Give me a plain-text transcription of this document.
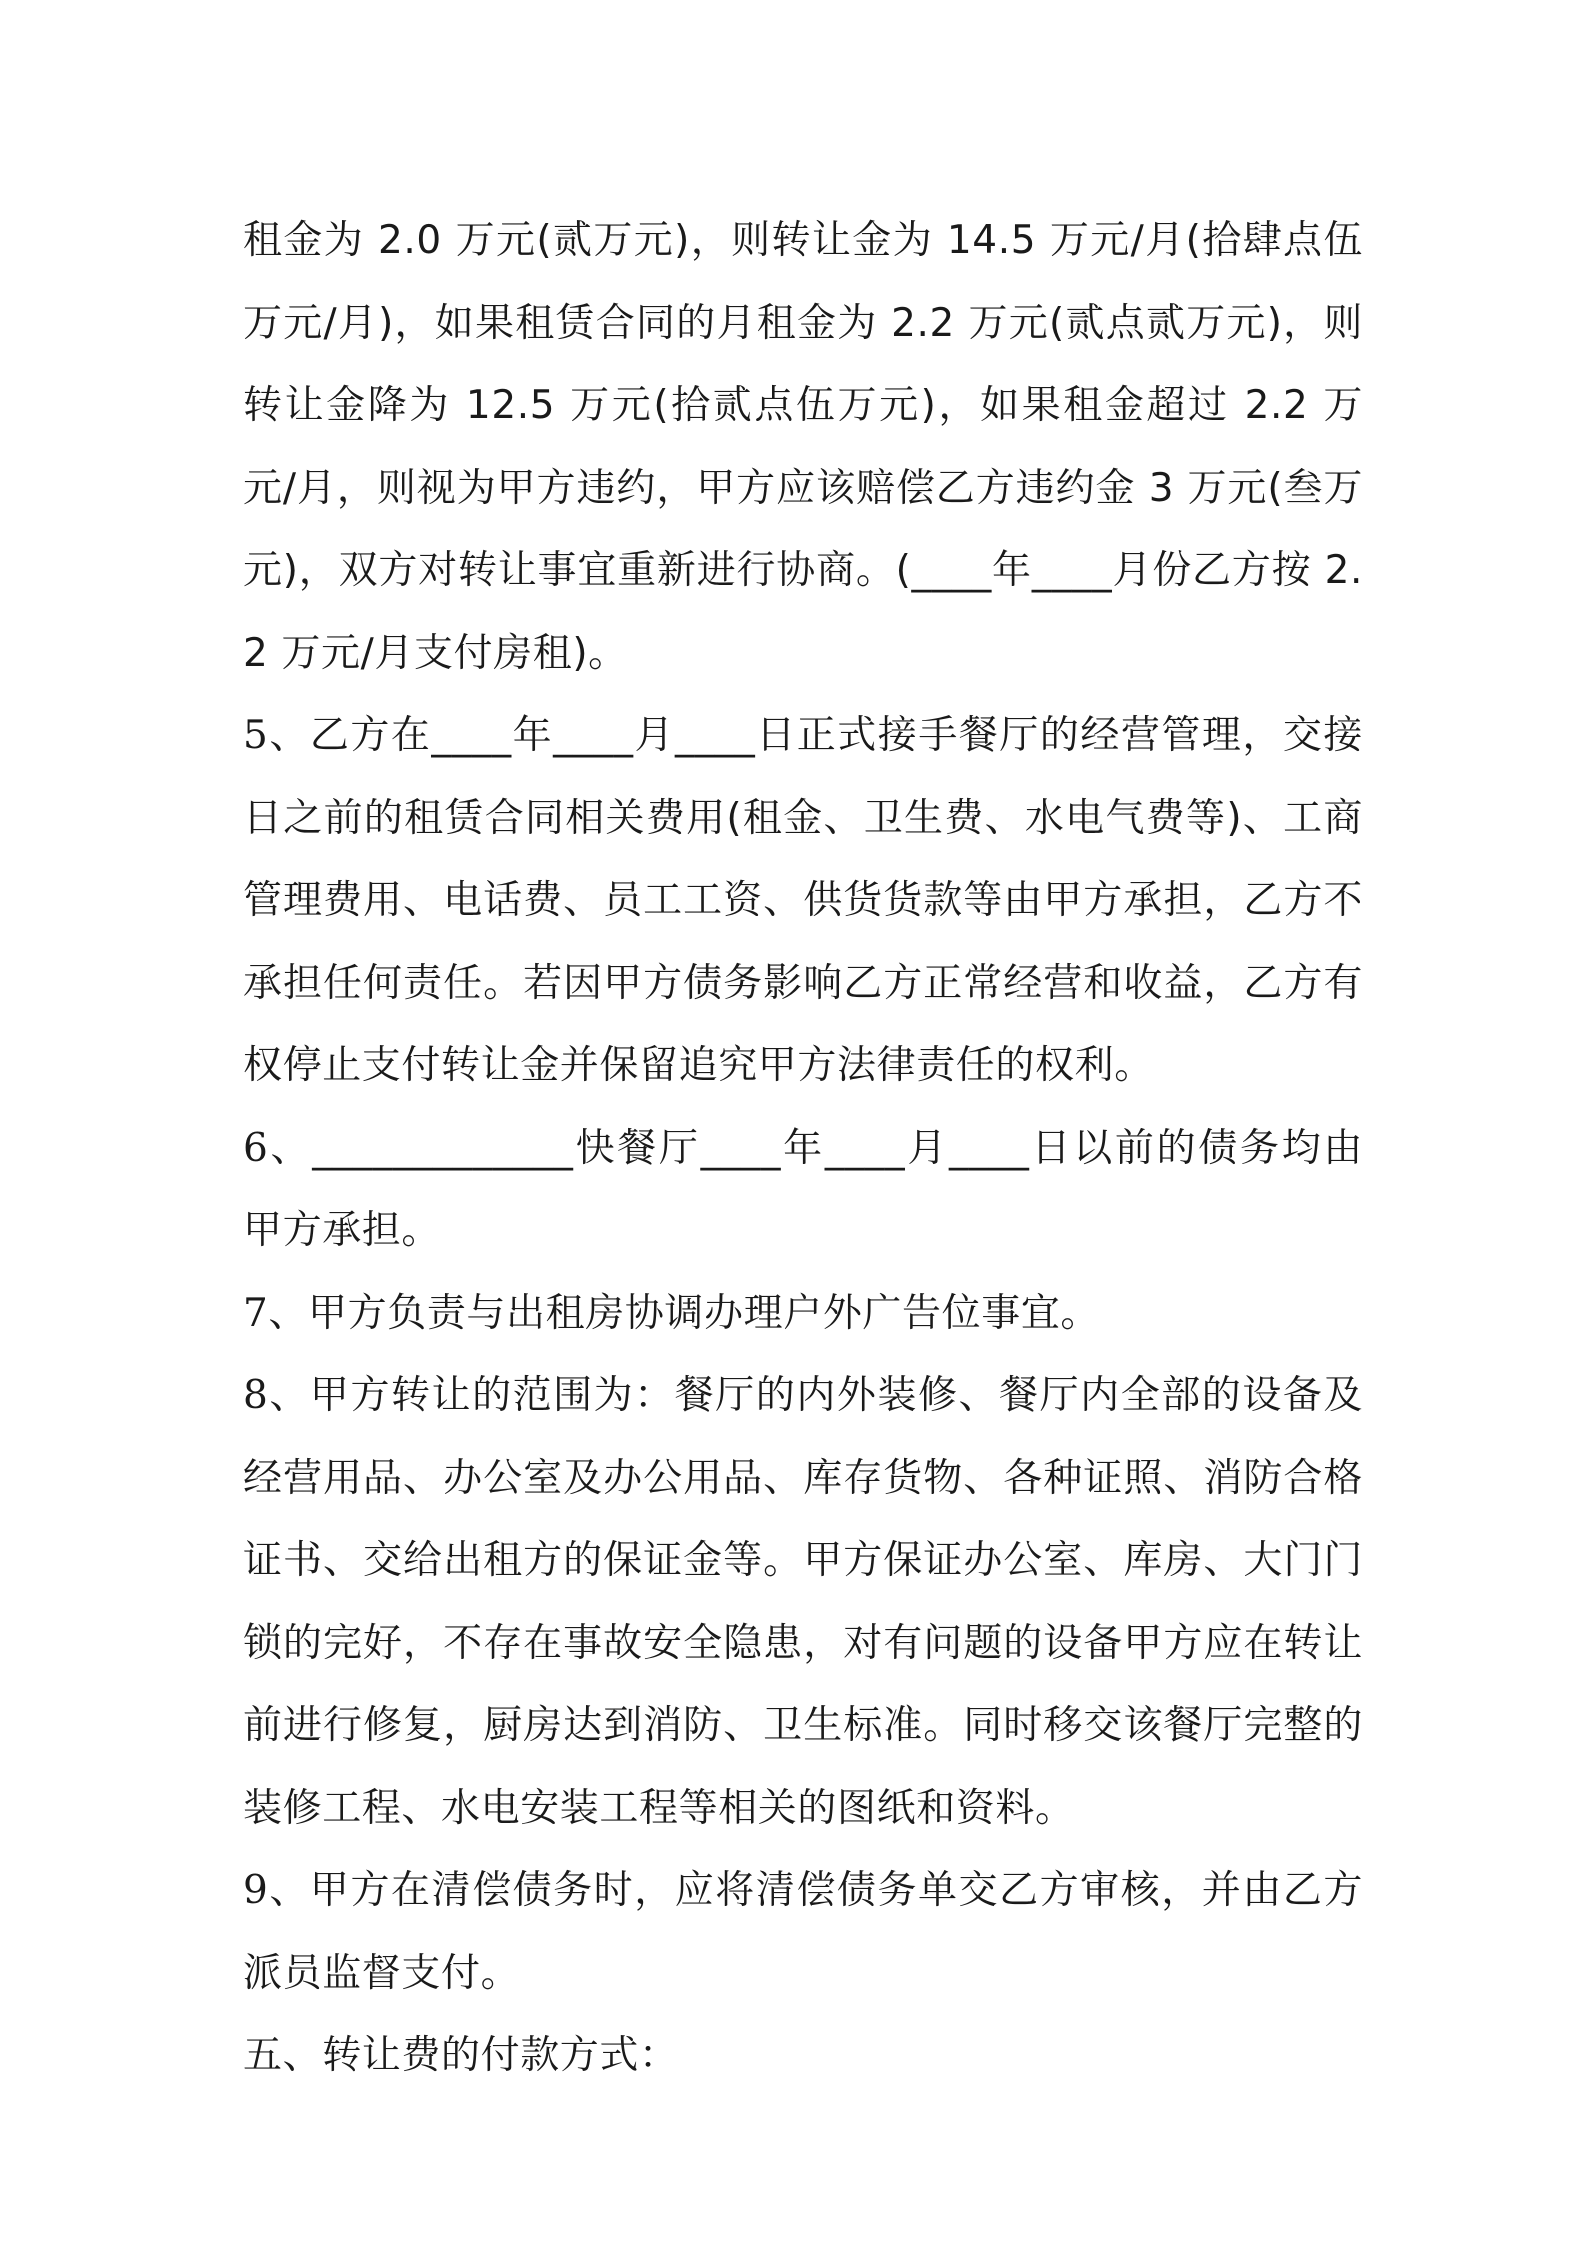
租金为 2.0 万元(贰万元)，则转让金为 14.5 万元/月(拾肆点伍万元/月)，如果租赁合同的月租金为 2.2 万元(贰点贰万元)，则转让金降为 12.5 万元(拾贰点伍万元)，如果租金超过 2.2 万元/月，则视为甲方违约，甲方应该赔偿乙方违约金 3 万元(叁万元)，双方对转让事宜重新进行协商。(____年____月份乙方按 2.2 万元/月支付房租)。

5、乙方在____年____月____日正式接手餐厅的经营管理，交接日之前的租赁合同相关费用(租金、卫生费、水电气费等)、工商管理费用、电话费、员工工资、供货货款等由甲方承担，乙方不承担任何责任。若因甲方债务影响乙方正常经营和收益，乙方有权停止支付转让金并保留追究甲方法律责任的权利。

6、_____________快餐厅____年____月____日以前的债务均由甲方承担。

7、甲方负责与出租房协调办理户外广告位事宜。

8、甲方转让的范围为：餐厅的内外装修、餐厅内全部的设备及经营用品、办公室及办公用品、库存货物、各种证照、消防合格证书、交给出租方的保证金等。甲方保证办公室、库房、大门门锁的完好，不存在事故安全隐患，对有问题的设备甲方应在转让前进行修复，厨房达到消防、卫生标准。同时移交该餐厅完整的装修工程、水电安装工程等相关的图纸和资料。

9、甲方在清偿债务时，应将清偿债务单交乙方审核，并由乙方派员监督支付。

五、转让费的付款方式：
